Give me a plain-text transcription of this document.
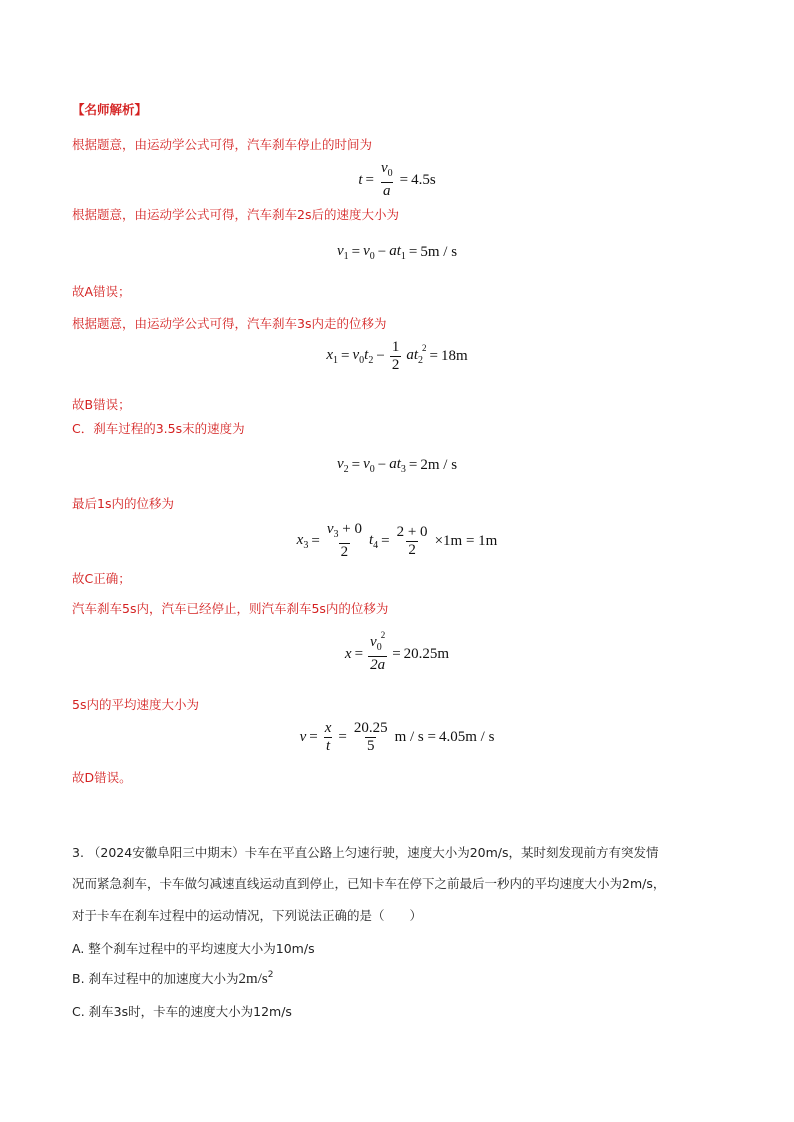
【名师解析】
根据题意，由运动学公式可得，汽车刹车停止的时间为
$t = \frac{v_0}{a} = 4.5s$
根据题意，由运动学公式可得，汽车刹车2s后的速度大小为
$v_1 = v_0 - at_1 = 5m / s$
故A错误；
根据题意，由运动学公式可得，汽车刹车3s内走的位移为
$x_1 = v_0t_2 - \frac{1}{2} at_2^2 = 18m$
故B错误；
C．刹车过程的3.5s末的速度为
$v_2 = v_0 - at_3 = 2m / s$
最后1s内的位移为
$x_3 = \frac{v_3 + 0}{2} t_4 = \frac{2 + 0}{2} \times 1m = 1m$
故C正确；
汽车刹车5s内，汽车已经停止，则汽车刹车5s内的位移为
$x = \frac{v_0^2}{2a} = 20.25m$
5s内的平均速度大小为
$v = \frac{x}{t} = \frac{20.25}{5}$ m / s = 4.05m / s
故D错误。
3. （2024安徽阜阳三中期末）卡车在平直公路上匀速行驶，速度大小为20m/s，某时刻发现前方有突发情
况而紧急刹车，卡车做匀减速直线运动直到停止，已知卡车在停下之前最后一秒内的平均速度大小为2m/s，
对于卡车在刹车过程中的运动情况，下列说法正确的是（　　）
A. 整个刹车过程中的平均速度大小为10m/s
B. 刹车过程中的加速度大小为$2m/s^2$
C. 刹车3s时，卡车的速度大小为12m/s
